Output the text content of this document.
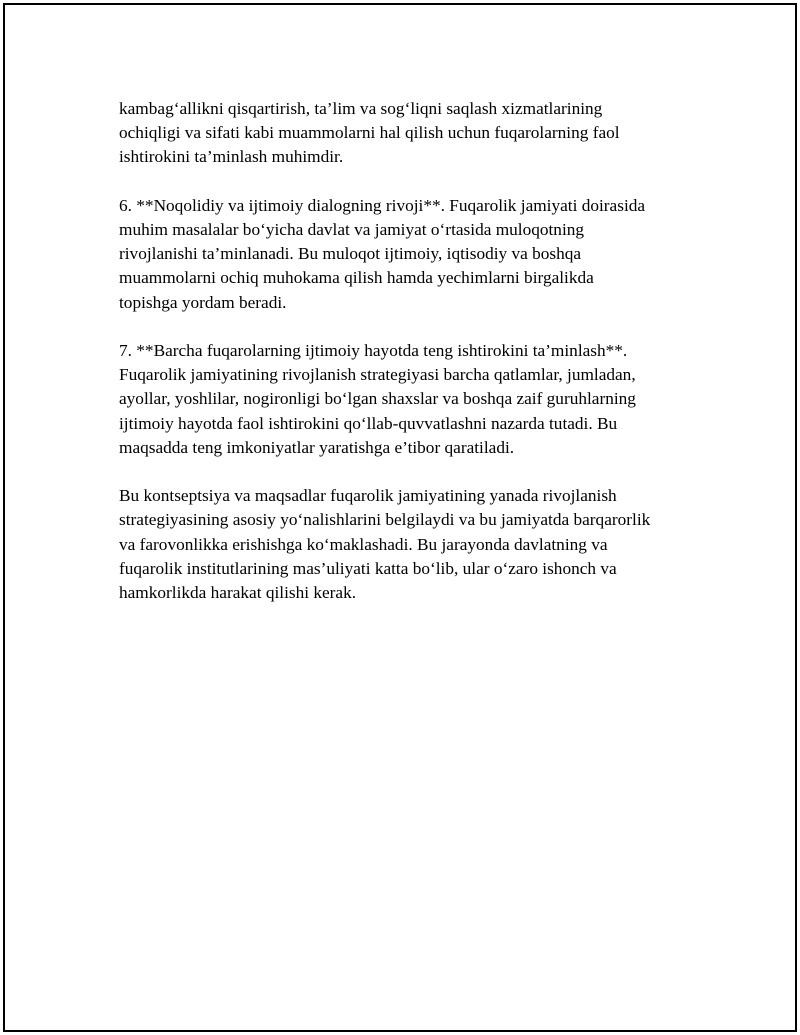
kambag‘allikni qisqartirish, ta’lim va sog‘liqni saqlash xizmatlarining
ochiqligi va sifati kabi muammolarni hal qilish uchun fuqarolarning faol
ishtirokini ta’minlash muhimdir.

6. **Noqolidiy va ijtimoiy dialogning rivoji**. Fuqarolik jamiyati doirasida
muhim masalalar bo‘yicha davlat va jamiyat o‘rtasida muloqotning
rivojlanishi ta’minlanadi. Bu muloqot ijtimoiy, iqtisodiy va boshqa
muammolarni ochiq muhokama qilish hamda yechimlarni birgalikda
topishga yordam beradi.

7. **Barcha fuqarolarning ijtimoiy hayotda teng ishtirokini ta’minlash**.
Fuqarolik jamiyatining rivojlanish strategiyasi barcha qatlamlar, jumladan,
ayollar, yoshlilar, nogironligi bo‘lgan shaxslar va boshqa zaif guruhlarning
ijtimoiy hayotda faol ishtirokini qo‘llab-quvvatlashni nazarda tutadi. Bu
maqsadda teng imkoniyatlar yaratishga e’tibor qaratiladi.

Bu kontseptsiya va maqsadlar fuqarolik jamiyatining yanada rivojlanish
strategiyasining asosiy yo‘nalishlarini belgilaydi va bu jamiyatda barqarorlik
va farovonlikka erishishga ko‘maklashadi. Bu jarayonda davlatning va
fuqarolik institutlarining mas’uliyati katta bo‘lib, ular o‘zaro ishonch va
hamkorlikda harakat qilishi kerak.
